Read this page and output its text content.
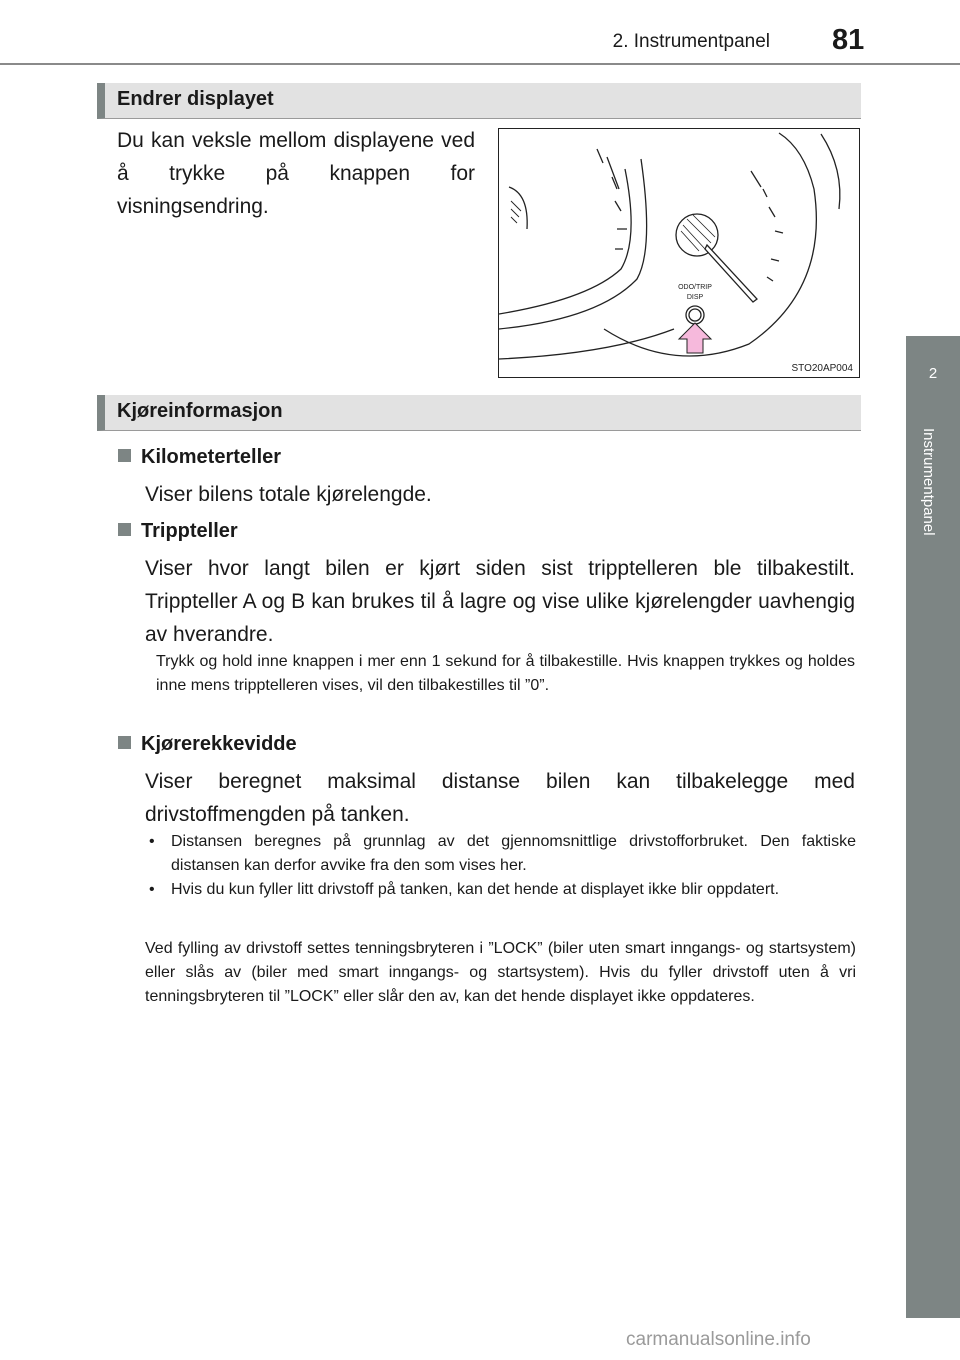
2. Instrumentpanel 81
2
Instrumentpanel
Endrer displayet
Du kan veksle mellom displayene ved å trykke på knappen for visningsendring.
ODO/TRIP
DISP
STO20AP004
Kjøreinformasjon
Kilometerteller
Viser bilens totale kjørelengde.
Trippteller
Viser hvor langt bilen er kjørt siden sist tripptelleren ble tilbakestilt. Trippteller A og B kan brukes til å lagre og vise ulike kjørelengder uavhengig av hverandre.
Trykk og hold inne knappen i mer enn 1 sekund for å tilbakestille. Hvis knappen trykkes og holdes inne mens tripptelleren vises, vil den tilbakestilles til ”0”.
Kjørerekkevidde
Viser beregnet maksimal distanse bilen kan tilbakelegge med drivstoffmengden på tanken.
• Distansen beregnes på grunnlag av det gjennomsnittlige drivstofforbruket. Den faktiske distansen kan derfor avvike fra den som vises her.
• Hvis du kun fyller litt drivstoff på tanken, kan det hende at displayet ikke blir oppdatert.
Ved fylling av drivstoff settes tenningsbryteren i ”LOCK” (biler uten smart inngangs- og startsystem) eller slås av (biler med smart inngangs- og startsystem). Hvis du fyller drivstoff uten å vri tenningsbryteren til ”LOCK” eller slår den av, kan det hende displayet ikke oppdateres.
carmanualsonline.info
